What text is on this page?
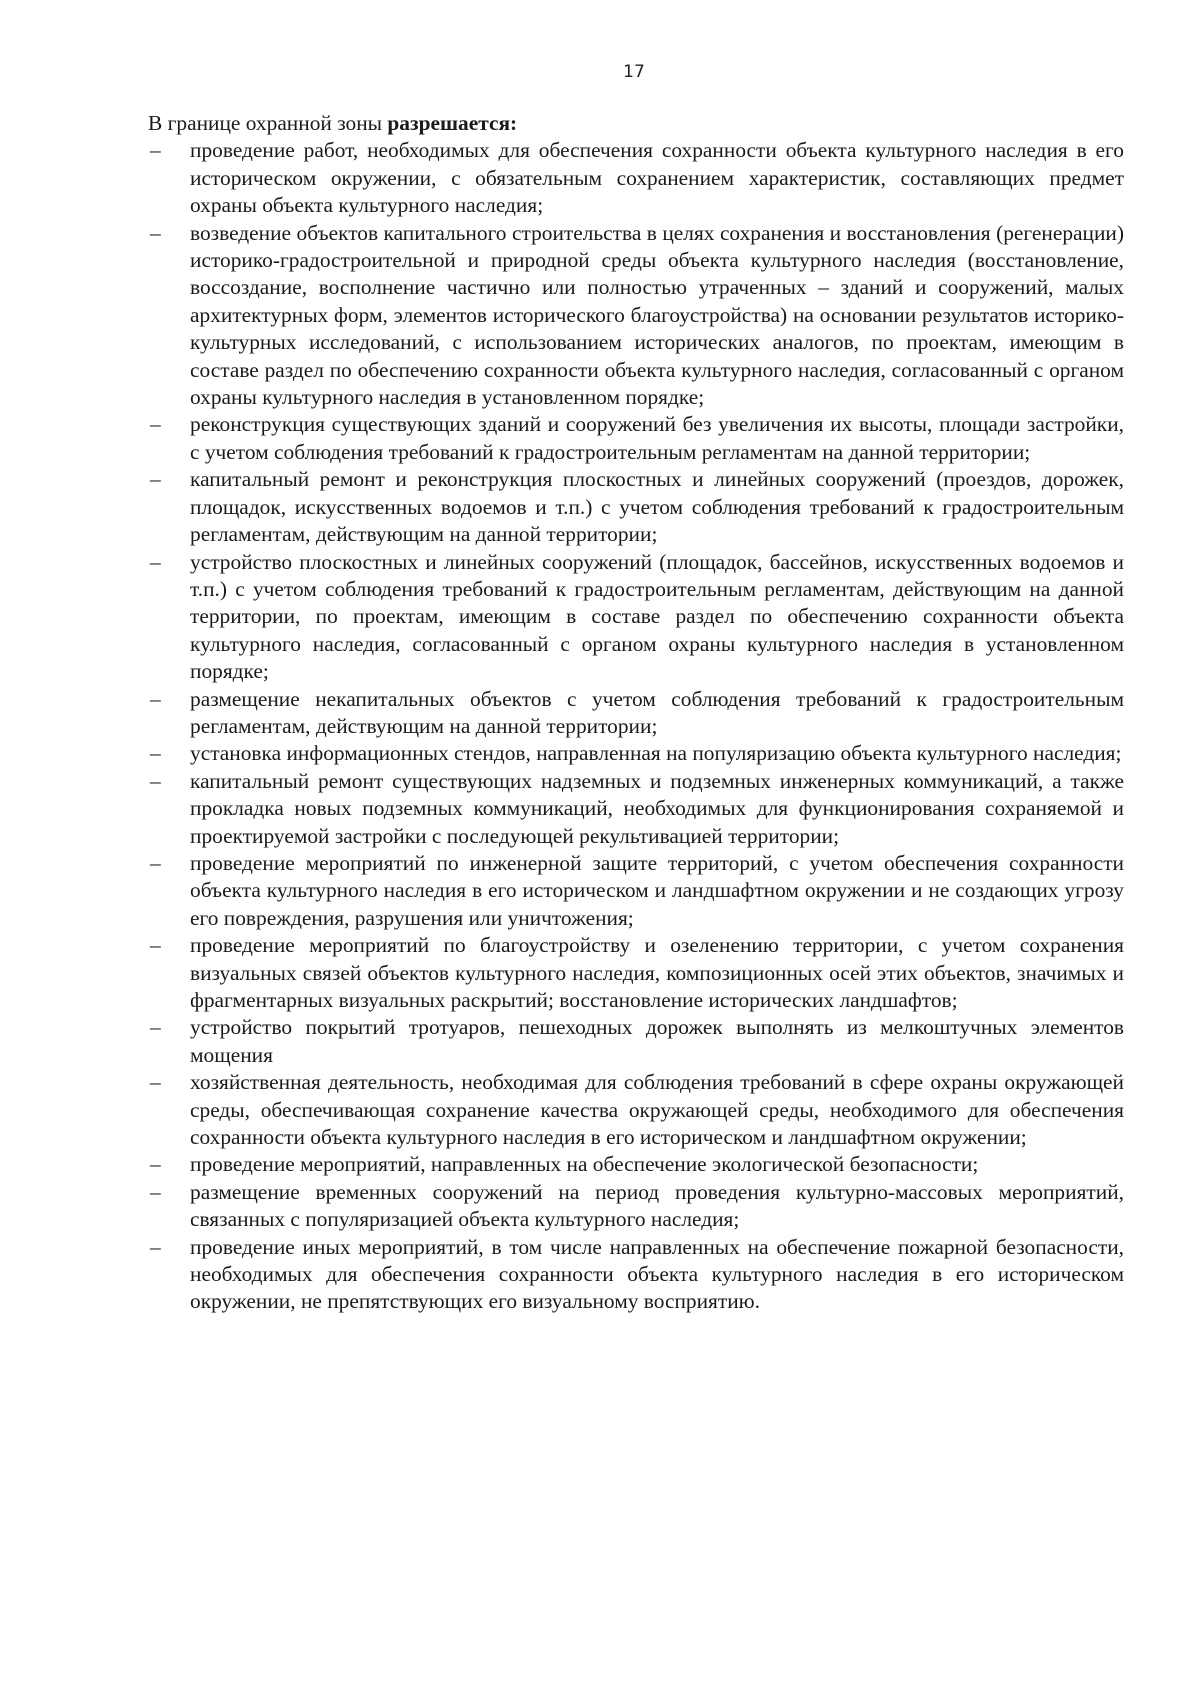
17

В границе охранной зоны разрешается:

– проведение работ, необходимых для обеспечения сохранности объекта культурного наследия в его историческом окружении, с обязательным сохранением характеристик, составляющих предмет охраны объекта культурного наследия;
– возведение объектов капитального строительства в целях сохранения и восстановления (регенерации) историко-градостроительной и природной среды объекта культурного наследия (восстановление, воссоздание, восполнение частично или полностью утраченных – зданий и сооружений, малых архитектурных форм, элементов исторического благоустройства) на основании результатов историко-культурных исследований, с использованием исторических аналогов, по проектам, имеющим в составе раздел по обеспечению сохранности объекта культурного наследия, согласованный с органом охраны культурного наследия в установленном порядке;
– реконструкция существующих зданий и сооружений без увеличения их высоты, площади застройки, с учетом соблюдения требований к градостроительным регламентам на данной территории;
– капитальный ремонт и реконструкция плоскостных и линейных сооружений (проездов, дорожек, площадок, искусственных водоемов и т.п.) с учетом соблюдения требований к градостроительным регламентам, действующим на данной территории;
– устройство плоскостных и линейных сооружений (площадок, бассейнов, искусственных водоемов и т.п.) с учетом соблюдения требований к градостроительным регламентам, действующим на данной территории, по проектам, имеющим в составе раздел по обеспечению сохранности объекта культурного наследия, согласованный с органом охраны культурного наследия в установленном порядке;
– размещение некапитальных объектов с учетом соблюдения требований к градостроительным регламентам, действующим на данной территории;
– установка информационных стендов, направленная на популяризацию объекта культурного наследия;
– капитальный ремонт существующих надземных и подземных инженерных коммуникаций, а также прокладка новых подземных коммуникаций, необходимых для функционирования сохраняемой и проектируемой застройки с последующей рекультивацией территории;
– проведение мероприятий по инженерной защите территорий, с учетом обеспечения сохранности объекта культурного наследия в его историческом и ландшафтном окружении и не создающих угрозу его повреждения, разрушения или уничтожения;
– проведение мероприятий по благоустройству и озеленению территории, с учетом сохранения визуальных связей объектов культурного наследия, композиционных осей этих объектов, значимых и фрагментарных визуальных раскрытий; восстановление исторических ландшафтов;
– устройство покрытий тротуаров, пешеходных дорожек выполнять из мелкоштучных элементов мощения
– хозяйственная деятельность, необходимая для соблюдения требований в сфере охраны окружающей среды, обеспечивающая сохранение качества окружающей среды, необходимого для обеспечения сохранности объекта культурного наследия в его историческом и ландшафтном окружении;
– проведение мероприятий, направленных на обеспечение экологической безопасности;
– размещение временных сооружений на период проведения культурно-массовых мероприятий, связанных с популяризацией объекта культурного наследия;
– проведение иных мероприятий, в том числе направленных на обеспечение пожарной безопасности, необходимых для обеспечения сохранности объекта культурного наследия в его историческом окружении, не препятствующих его визуальному восприятию.
